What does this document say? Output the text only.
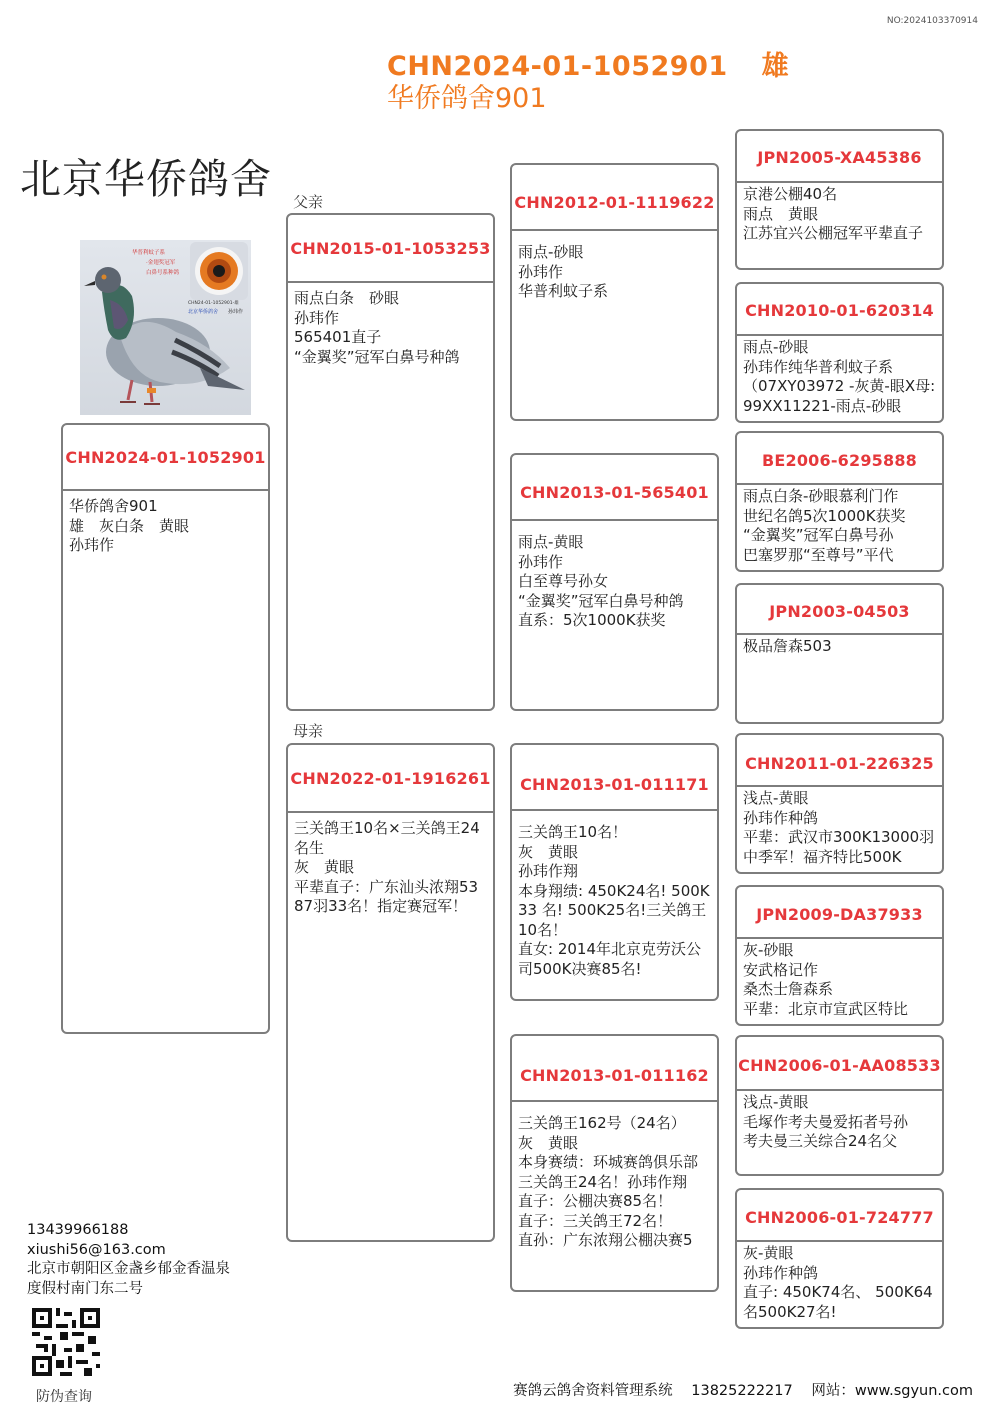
NO:2024103370914
CHN2024-01-1052901 雄
华侨鸽舍901
北京华侨鸽舍
华普利蚊子系
·金翅奖冠军
白鼻号系种鸽
CHN24-01-1052901-雄
北京华侨鸽舍 孙玮作
父亲
母亲
CHN2024-01-1052901
华侨鸽舍901
雄　灰白条　黄眼
孙玮作
CHN2015-01-1053253
雨点白条　砂眼
孙玮作
565401直子
“金翼奖”冠军白鼻号种鸽
CHN2022-01-1916261
三关鸽王10名×三关鸽王24名生
灰　黄眼
平辈直子：广东汕头浓翔5387羽33名！指定赛冠军！
CHN2012-01-1119622
雨点-砂眼
孙玮作
华普利蚊子系
CHN2013-01-565401
雨点-黄眼
孙玮作
白至尊号孙女
“金翼奖”冠军白鼻号种鸽
直系：5次1000K获奖
CHN2013-01-011171
三关鸽王10名！
灰　黄眼
孙玮作翔
本身翔绩: 450K24名! 500K33 名! 500K25名!三关鸽王10名！
直女: 2014年北京克劳沃公司500K决赛85名!
CHN2013-01-011162
三关鸽王162号（24名）
灰　黄眼
本身赛绩：环城赛鸽俱乐部三关鸽王24名！孙玮作翔
直子：公棚决赛85名！
直子：三关鸽王72名！
直孙：广东浓翔公棚决赛5
JPN2005-XA45386
京港公棚40名
雨点　黄眼
江苏宜兴公棚冠军平辈直子
CHN2010-01-620314
雨点-砂眼
孙玮作纯华普利蚊子系
（07XY03972 -灰黄-眼X母:99XX11221-雨点-砂眼
BE2006-6295888
雨点白条-砂眼慕利门作
世纪名鸽5次1000K获奖
“金翼奖”冠军白鼻号孙
巴塞罗那“至尊号”平代
JPN2003-04503
极品詹森503
CHN2011-01-226325
浅点-黄眼
孙玮作种鸽
平辈：武汉市300K13000羽中季军！福齐特比500K
JPN2009-DA37933
灰-砂眼
安武格记作
桑杰士詹森系
平辈：北京市宣武区特比
CHN2006-01-AA08533
浅点-黄眼
毛塚作考夫曼爱拓者号孙
考夫曼三关综合24名父
CHN2006-01-724777
灰-黄眼
孙玮作种鸽
直子: 450K74名、 500K64名500K27名!
13439966188
xiushi56@163.com
北京市朝阳区金盏乡郁金香温泉
度假村南门东二号
防伪查询	赛鸽云鸽舍资料管理系统 13825222217 网站：www.sgyun.com
